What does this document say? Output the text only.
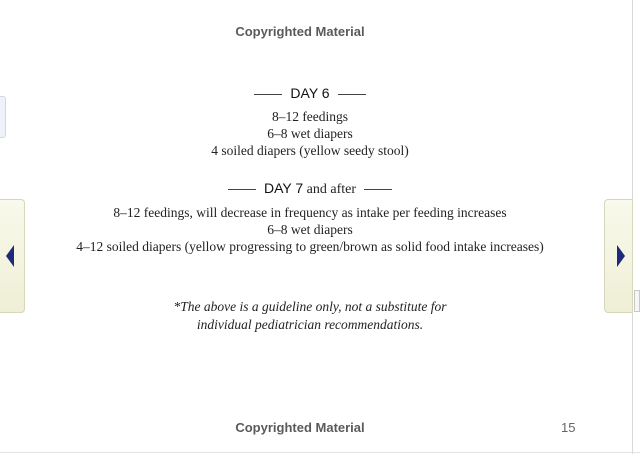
Copyrighted Material
DAY 6
8–12 feedings
6–8 wet diapers
4 soiled diapers (yellow seedy stool)
DAY 7 and after
8–12 feedings, will decrease in frequency as intake per feeding increases
6–8 wet diapers
4–12 soiled diapers (yellow progressing to green/brown as solid food intake increases)
*The above is a guideline only, not a substitute for
individual pediatrician recommendations.
Copyrighted Material	15
